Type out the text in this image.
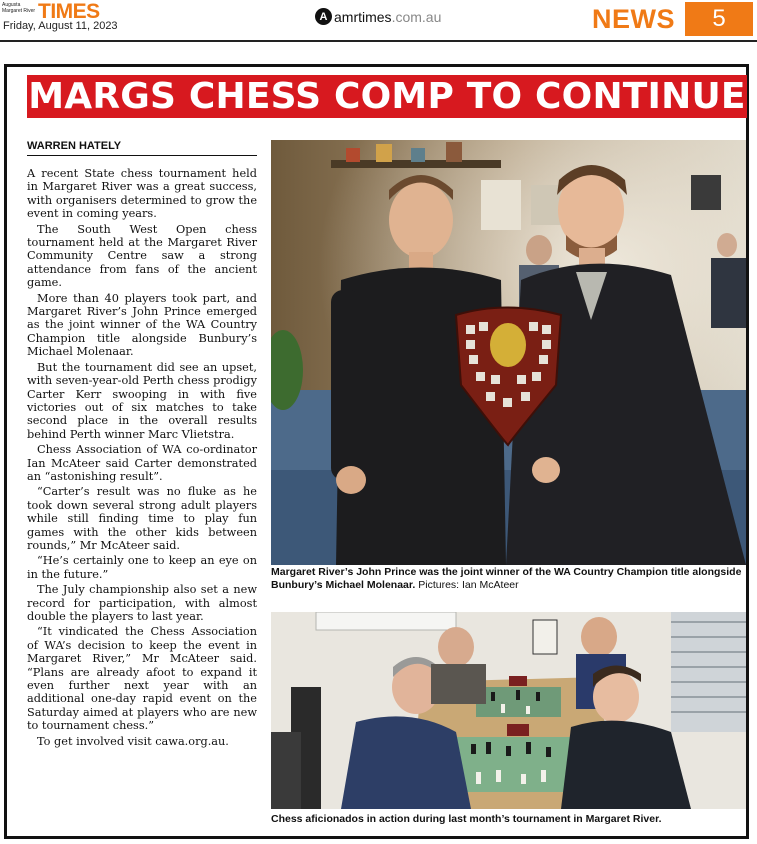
Augusta Margaret River TIMES
Friday, August 11, 2023
A amrtimes .com.au	NEWS	5
MARGS CHESS COMP TO CONTINUE
WARREN HATELY

A recent State chess tournament held in Margaret River was a great success, with organisers determined to grow the event in coming years.

The South West Open chess tournament held at the Margaret River Community Centre saw a strong attendance from fans of the ancient game.

More than 40 players took part, and Margaret River’s John Prince emerged as the joint winner of the WA Country Champion title alongside Bunbury’s Michael Molenaar.

But the tournament did see an upset, with seven-year-old Perth chess prodigy Carter Kerr swooping in with five victories out of six matches to take second place in the overall results behind Perth winner Marc Vlietstra.

Chess Association of WA co-ordinator Ian McAteer said Carter demonstrated an “astonishing result”.

“Carter’s result was no fluke as he took down several strong adult players while still finding time to play fun games with the other kids between rounds,” Mr McAteer said.

“He’s certainly one to keep an eye on in the future.”

The July championship also set a new record for participation, with almost double the players to last year.

“It vindicated the Chess Association of WA’s decision to keep the event in Margaret River,” Mr McAteer said. “Plans are already afoot to expand it even further next year with an additional one-day rapid event on the Saturday aimed at players who are new to tournament chess.”

To get involved visit cawa.org.au.

Margaret River’s John Prince was the joint winner of the WA Country Champion title alongside Bunbury’s Michael Molenaar. Pictures: Ian McAteer
Chess aficionados in action during last month’s tournament in Margaret River.
